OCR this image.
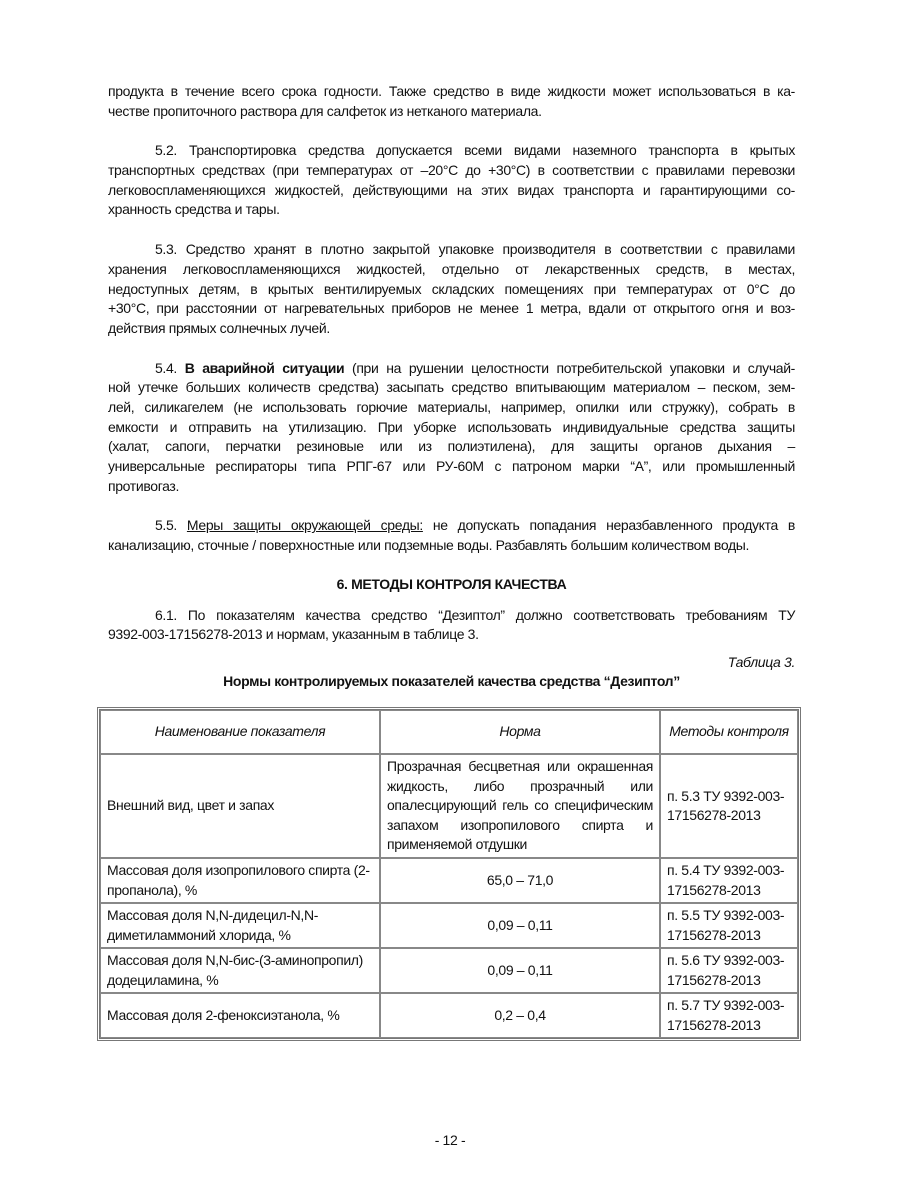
продукта в течение всего срока годности. Также средство в виде жидкости может использоваться в ка-
честве пропиточного раствора для салфеток из нетканого материала.
5.2. Транспортировка средства допускается всеми видами наземного транспорта в крытых
транспортных средствах (при температурах от –20°С до +30°С) в соответствии с правилами перевозки
легковоспламеняющихся жидкостей, действующими на этих видах транспорта и гарантирующими со-
хранность средства и тары.
5.3. Средство хранят в плотно закрытой упаковке производителя в соответствии с правилами
хранения легковоспламеняющихся жидкостей, отдельно от лекарственных средств, в местах,
недоступных детям, в крытых вентилируемых складских помещениях при температурах от 0°С до
+30°С, при расстоянии от нагревательных приборов не менее 1 метра, вдали от открытого огня и воз-
действия прямых солнечных лучей.
5.4. В аварийной ситуации (при на рушении целостности потребительской упаковки и случай-
ной утечке больших количеств средства) засыпать средство впитывающим материалом – песком, зем-
лей, силикагелем (не использовать горючие материалы, например, опилки или стружку), собрать в
емкости и отправить на утилизацию. При уборке использовать индивидуальные средства защиты
(халат, сапоги, перчатки резиновые или из полиэтилена), для защиты органов дыхания –
универсальные респираторы типа РПГ-67 или РУ-60М с патроном марки “А”, или промышленный
противогаз.
5.5. Меры защиты окружающей среды: не допускать попадания неразбавленного продукта в
канализацию, сточные / поверхностные или подземные воды. Разбавлять большим количеством воды.
6. МЕТОДЫ КОНТРОЛЯ КАЧЕСТВА
6.1. По показателям качества средство “Дезиптол” должно соответствовать требованиям ТУ
9392-003-17156278-2013 и нормам, указанным в таблице 3.
Таблица 3.
Нормы контролируемых показателей качества средства “Дезиптол”
Наименование показателя	Норма	Методы контроля
Внешний вид, цвет и запах	Прозрачная бесцветная или окрашенная жидкость, либо прозрачный или опалесцирующий гель со специфическим запахом изопропилового спирта и применяемой отдушки	п. 5.3 ТУ 9392-003-17156278-2013
Массовая доля изопропилового спирта (2-пропанола), %	65,0 – 71,0	п. 5.4 ТУ 9392-003-17156278-2013
Массовая доля N,N-дидецил-N,N-диметиламмоний хлорида, %	0,09 – 0,11	п. 5.5 ТУ 9392-003-17156278-2013
Массовая доля N,N-бис-(3-аминопропил) додециламина, %	0,09 – 0,11	п. 5.6 ТУ 9392-003-17156278-2013
Массовая доля 2-феноксиэтанола, %	0,2 – 0,4	п. 5.7 ТУ 9392-003-17156278-2013
- 12 -
